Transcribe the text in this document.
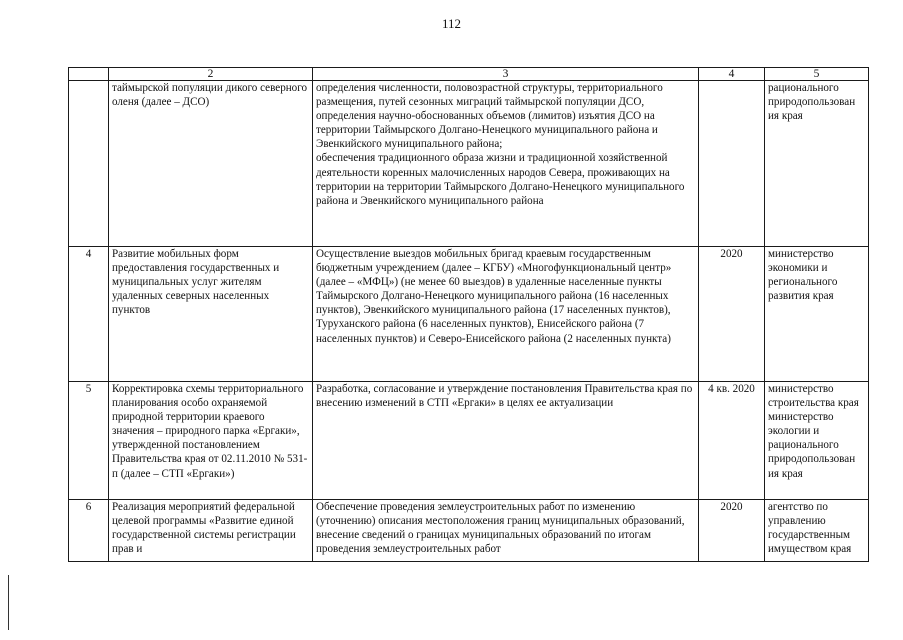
112
	2	3	4	5
	таймырской популяции дикого северного оленя (далее – ДСО)	определения численности, половозрастной структуры, территориального размещения, путей сезонных миграций таймырской популяции ДСО, определения научно-обоснованных объемов (лимитов) изъятия ДСО на территории Таймырского Долгано-Ненецкого муниципального района и Эвенкийского муниципального района;
обеспечения традиционного образа жизни и традиционной хозяйственной деятельности коренных малочисленных народов Севера, проживающих на территории на территории Таймырского Долгано-Ненецкого муниципального района и Эвенкийского муниципального района		рационального природопользован ия края
4	Развитие мобильных форм предоставления государственных и муниципальных услуг жителям удаленных северных населенных пунктов	Осуществление выездов мобильных бригад краевым государственным бюджетным учреждением (далее – КГБУ) «Многофункциональный центр» (далее – «МФЦ») (не менее 60 выездов) в удаленные населенные пункты Таймырского Долгано-Ненецкого муниципального района (16 населенных пунктов), Эвенкийского муниципального района (17 населенных пунктов), Туруханского района (6 населенных пунктов), Енисейского района (7 населенных пунктов) и Северо-Енисейского района (2 населенных пункта)	2020	министерство экономики и регионального развития края
5	Корректировка схемы территориального планирования особо охраняемой природной территории краевого значения – природного парка «Ергаки», утвержденной постановлением Правительства края от 02.11.2010 № 531-п (далее – СТП «Ергаки»)	Разработка, согласование и утверждение постановления Правительства края по внесению изменений в СТП «Ергаки» в целях ее актуализации	4 кв. 2020	министерство строительства края министерство экологии и рационального природопользован ия края
6	Реализация мероприятий федеральной целевой программы «Развитие единой государственной системы регистрации прав и	Обеспечение проведения землеустроительных работ по изменению (уточнению) описания местоположения границ муниципальных образований, внесение сведений о границах муниципальных образований по итогам проведения землеустроительных работ	2020	агентство по управлению государственным имуществом края
